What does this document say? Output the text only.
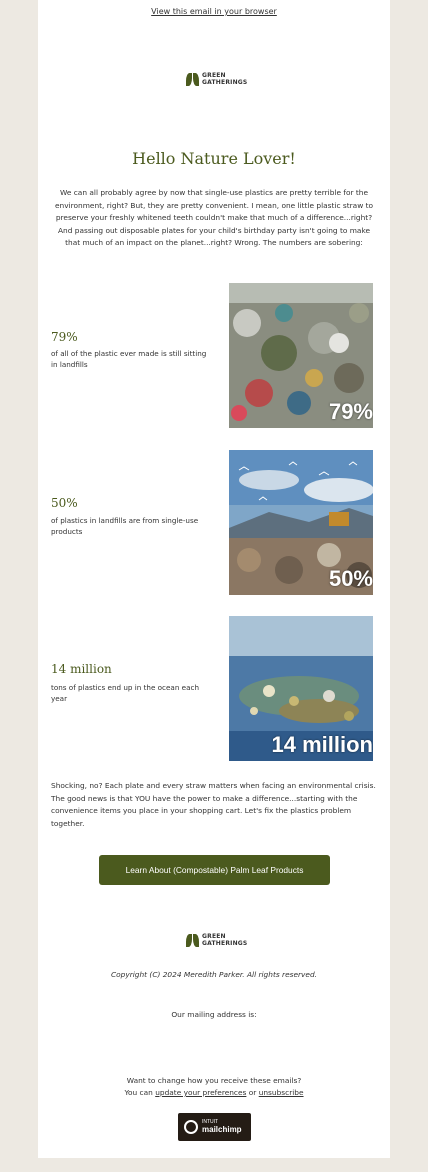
View this email in your browser
GREEN
GATHERINGS
Hello Nature Lover!
We can all probably agree by now that single-use plastics are pretty terrible for the environment, right? But, they are pretty convenient. I mean, one little plastic straw to preserve your freshly whitened teeth couldn't make that much of a difference...right? And passing out disposable plates for your child's birthday party isn't going to make that much of an impact on the planet...right? Wrong. The numbers are sobering:
79%
of all of the plastic ever made is still sitting in landfills
79%
50%
of plastics in landfills are from single-use products
50%
14 million
tons of plastics end up in the ocean each year
14 million
Shocking, no? Each plate and every straw matters when facing an environmental crisis. The good news is that YOU have the power to make a difference...starting with the convenience items you place in your shopping cart. Let's fix the plastics problem together.
Learn About (Compostable) Palm Leaf Products
GREEN
GATHERINGS
Copyright (C) 2024 Meredith Parker. All rights reserved.
Our mailing address is:
Want to change how you receive these emails?
You can update your preferences or unsubscribe
INTUIT
mailchimp
